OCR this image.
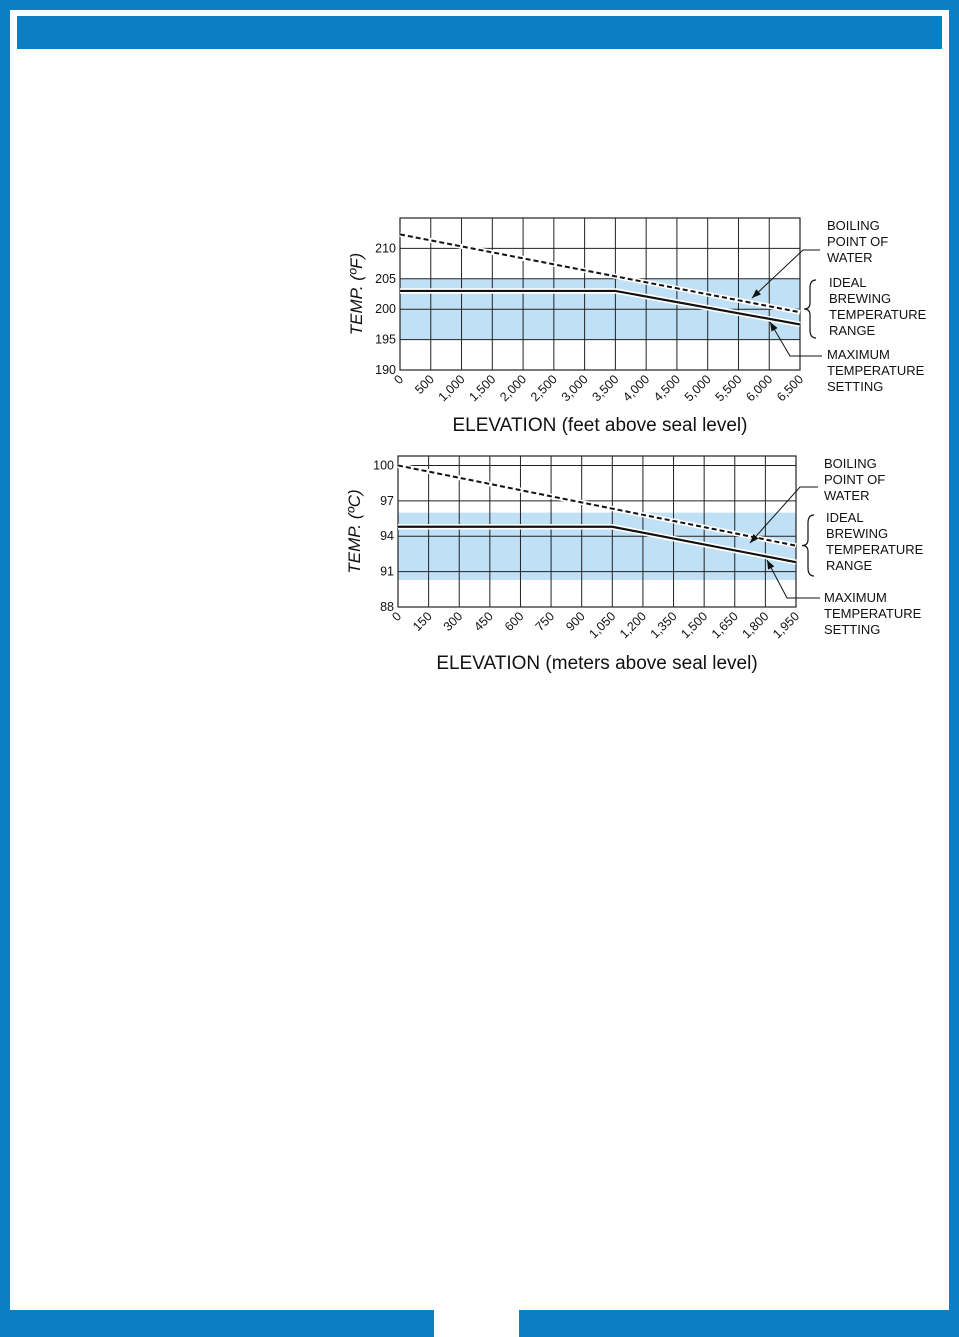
190
195
200
205
210
0 500
1,000
1,500
2,000
2,500
3,000
3,500
4,000
4,500
5,000
5,500
6,000
6,500
ELEVATION (feet above seal level)
TEMP. (ºF)
BOILING
POINT OF
WATER
IDEAL
BREWING
TEMPERATURE
RANGE
MAXIMUM
TEMPERATURE
SETTING
88
91
94
97
100
0 150 300 450 600 750 900
1,050
1,200
1,350
1,500
1,650
1,800
1,950
ELEVATION (meters above seal level)
TEMP. (ºC)
BOILING
POINT OF
WATER
IDEAL
BREWING
TEMPERATURE
RANGE
MAXIMUM
TEMPERATURE
SETTING
